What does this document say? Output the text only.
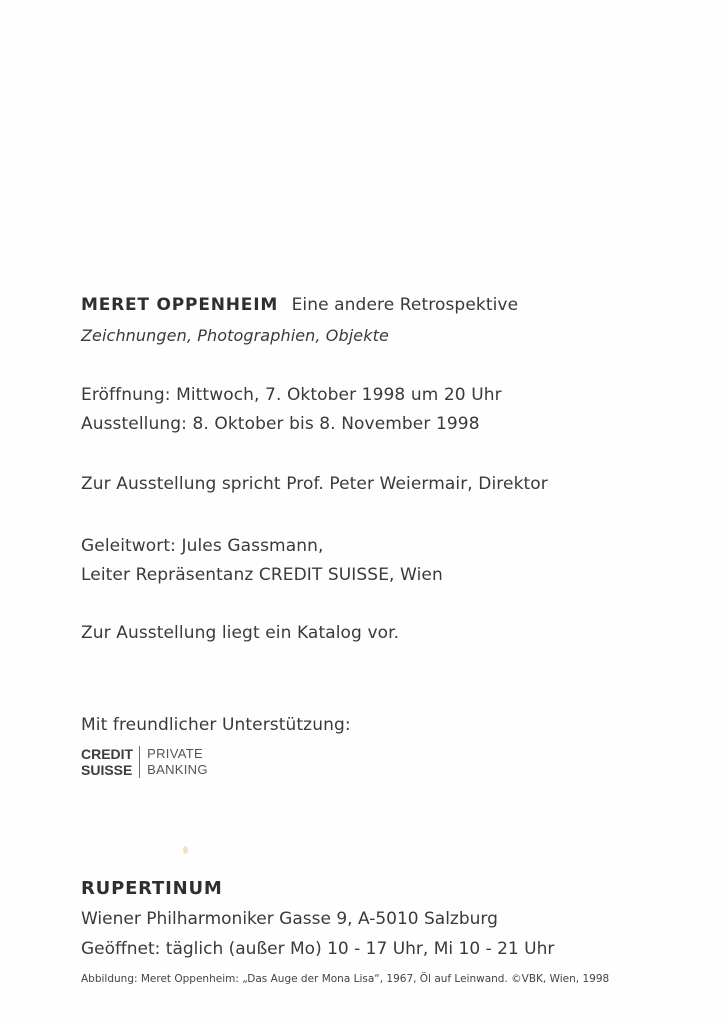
MERET OPPENHEIM Eine andere Retrospektive
Zeichnungen, Photographien, Objekte
Eröffnung: Mittwoch, 7. Oktober 1998 um 20 Uhr
Ausstellung: 8. Oktober bis 8. November 1998
Zur Ausstellung spricht Prof. Peter Weiermair, Direktor
Geleitwort: Jules Gassmann,
Leiter Repräsentanz CREDIT SUISSE, Wien
Zur Ausstellung liegt ein Katalog vor.
Mit freundlicher Unterstützung:
CREDIT
SUISSE
PRIVATE
BANKING
RUPERTINUM
Wiener Philharmoniker Gasse 9, A-5010 Salzburg
Geöffnet: täglich (außer Mo) 10 - 17 Uhr, Mi 10 - 21 Uhr
Abbildung: Meret Oppenheim: „Das Auge der Mona Lisa“, 1967, Öl auf Leinwand. ©VBK, Wien, 1998
